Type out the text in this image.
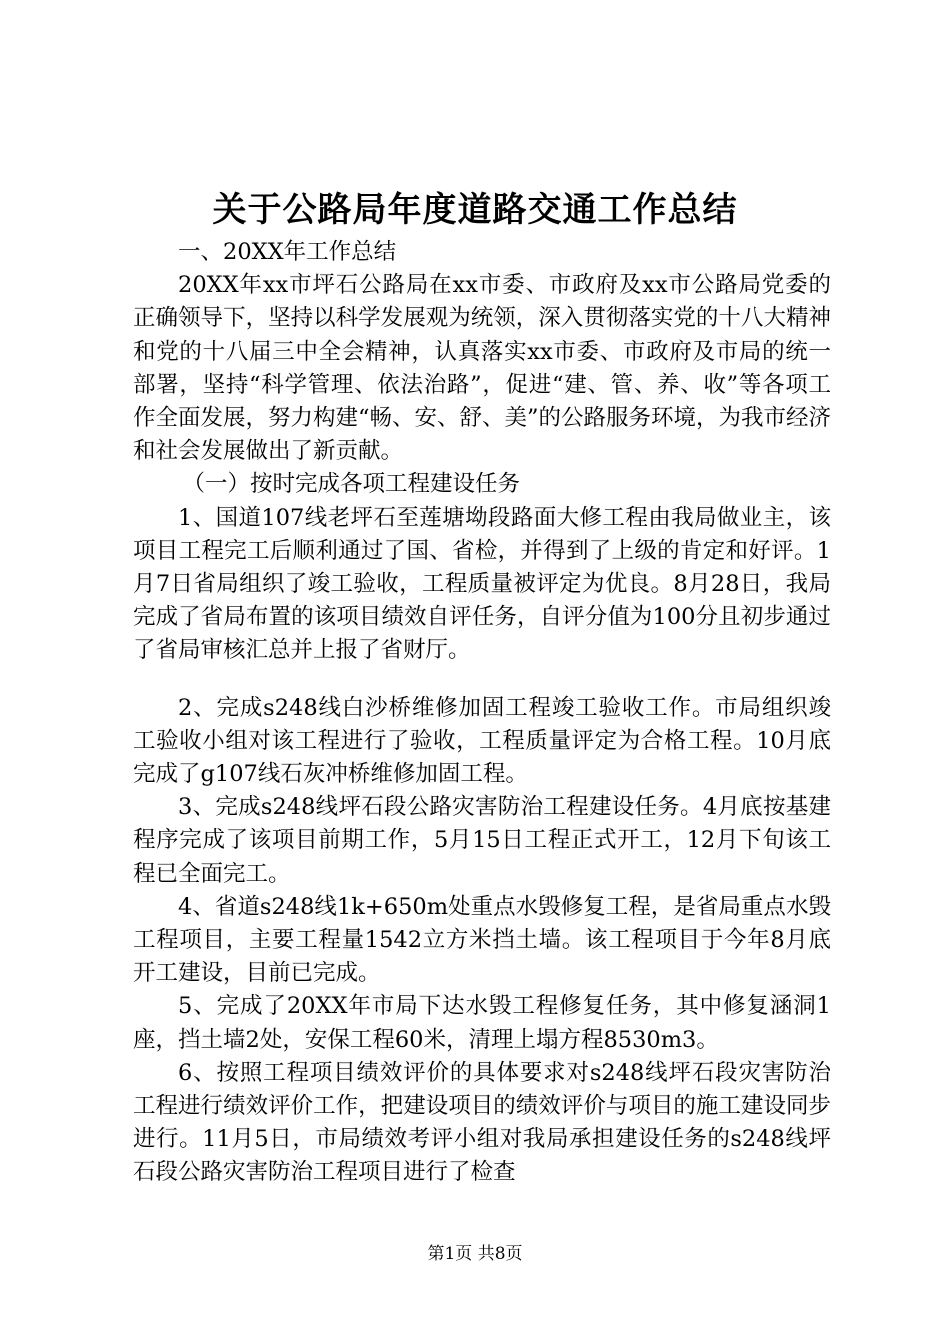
关于公路局年度道路交通工作总结

一、20XX年工作总结

20XX年xx市坪石公路局在xx市委、市政府及xx市公路局党委的正确领导下，坚持以科学发展观为统领，深入贯彻落实党的十八大精神和党的十八届三中全会精神，认真落实xx市委、市政府及市局的统一部署，坚持“科学管理、依法治路”，促进“建、管、养、收”等各项工作全面发展，努力构建“畅、安、舒、美”的公路服务环境，为我市经济和社会发展做出了新贡献。

（一）按时完成各项工程建设任务

1、国道107线老坪石至莲塘坳段路面大修工程由我局做业主，该项目工程完工后顺利通过了国、省检，并得到了上级的肯定和好评。1月7日省局组织了竣工验收，工程质量被评定为优良。8月28日，我局完成了省局布置的该项目绩效自评任务，自评分值为100分且初步通过了省局审核汇总并上报了省财厅。

2、完成s248线白沙桥维修加固工程竣工验收工作。市局组织竣工验收小组对该工程进行了验收，工程质量评定为合格工程。10月底完成了g107线石灰冲桥维修加固工程。

3、完成s248线坪石段公路灾害防治工程建设任务。4月底按基建程序完成了该项目前期工作，5月15日工程正式开工，12月下旬该工程已全面完工。

4、省道s248线1k+650m处重点水毁修复工程，是省局重点水毁工程项目，主要工程量1542立方米挡土墙。该工程项目于今年8月底开工建设，目前已完成。

5、完成了20XX年市局下达水毁工程修复任务，其中修复涵洞1座，挡土墙2处，安保工程60米，清理上塌方程8530m3。

6、按照工程项目绩效评价的具体要求对s248线坪石段灾害防治工程进行绩效评价工作，把建设项目的绩效评价与项目的施工建设同步进行。11月5日，市局绩效考评小组对我局承担建设任务的s248线坪石段公路灾害防治工程项目进行了检查

第1页 共8页
